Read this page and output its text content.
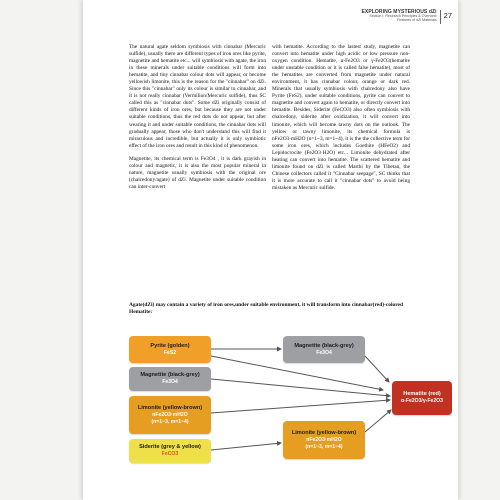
EXPLORING MYSTERIOUS dZi
Section I: Research Principles & Overview
Features of dZi Materials
27

The natural agate seldom symbiosis with cinnabar (Mercuric sulfide), usually there are different types of iron ores like pyrite, magnetite and hematite etc... will symbiosis with agate, the iron in these minerals under suitable conditions will form into hematite, and tiny cinnabar colour dots will appear, or become yellowish limonite, this is the reason for the "cinnabar" on dZi. Since this "cinnabar" only its colour is similar to cinnabar, and it is not really cinnabar (Vermilion/Mercuric sulfide), thus SC called this as "cinnabar dots". Some dZi originally consist of different kinds of iron ores, but because they are not under suitable conditions, thus the red dots do not appear, but after wearing it and under suitable conditions, the cinnabar dots will gradually appear, those who don't understand this will find it miraculous and incredible, but actually it is only symbiotic effect of the iron ores and result in this kind of phenomenon.

Magnetite, its chemical term is Fe3O4 , it is dark grayish in colour and magnetic, it is also the most popular mineral in nature, magnetite usually symbiosis with the original ore (chalcedony/agate) of dZi. Magnetite under suitable condition can inter-convert

with hematite. According to the lastest study, magnetite can convert into hematite under high acidic or low pressure non-oxygen condition. Hematite, α-Fe2O3 or γ-Fe2O3(hematite under unstable condition or it is called false hematite), most of the hematites are converted from magnetite under natural environment, it has cinnabar colour, orange or dark red. Minerals that usually symbiosis with chalcedony also have Pyrite (FeS2), under suitable conditions, pyrite can convert to magnetite and convert again to hematite, or directly convert into hematite. Besides, Siderite (FeCO3) also often symbiosis with chalcedony, siderite after oxidization, it will convert into limonite, which will become tawny dots on the outlook. The yellow or tawny limonite, its chemical formula is nFe2O3·mH2O (n=1~3, m=1~4), it is the the collective term for some iron ores, which includes Goethite (HFeO2) and Lepidocrocite (Fe2O3·H2O) etc... Limonite dehydrated after heating can convert into hematite. The scattered hematite and limonite found on dZi is called Marthi by the Tibetan, the Chinese collectors called it "Cinnabar seepage", SC thinks that it is more accurate to call it "cinnabar dots" to avoid being mistaken as Mercuric sulfide.

Agate(dZi) may contain a variety of iron ores,under suitable environment, it will transform into cinnabar(red)-colored Hematite:
Pyrite (golden)
FeS2
Magnetite (black-grey)
Fe3O4
Magnetite (black-grey)
Fe3O4
Limonite (yellow-brown)
nFe2O3·mH2O
(n=1~3, m=1~4)
Siderite (grey & yellow)
FeCO3
Limonite (yellow-brown)
nFe2O3·mH2O
(n=1~3, m=1~4)
Hematite (red)
α-Fe2O3/γ-Fe2O3
